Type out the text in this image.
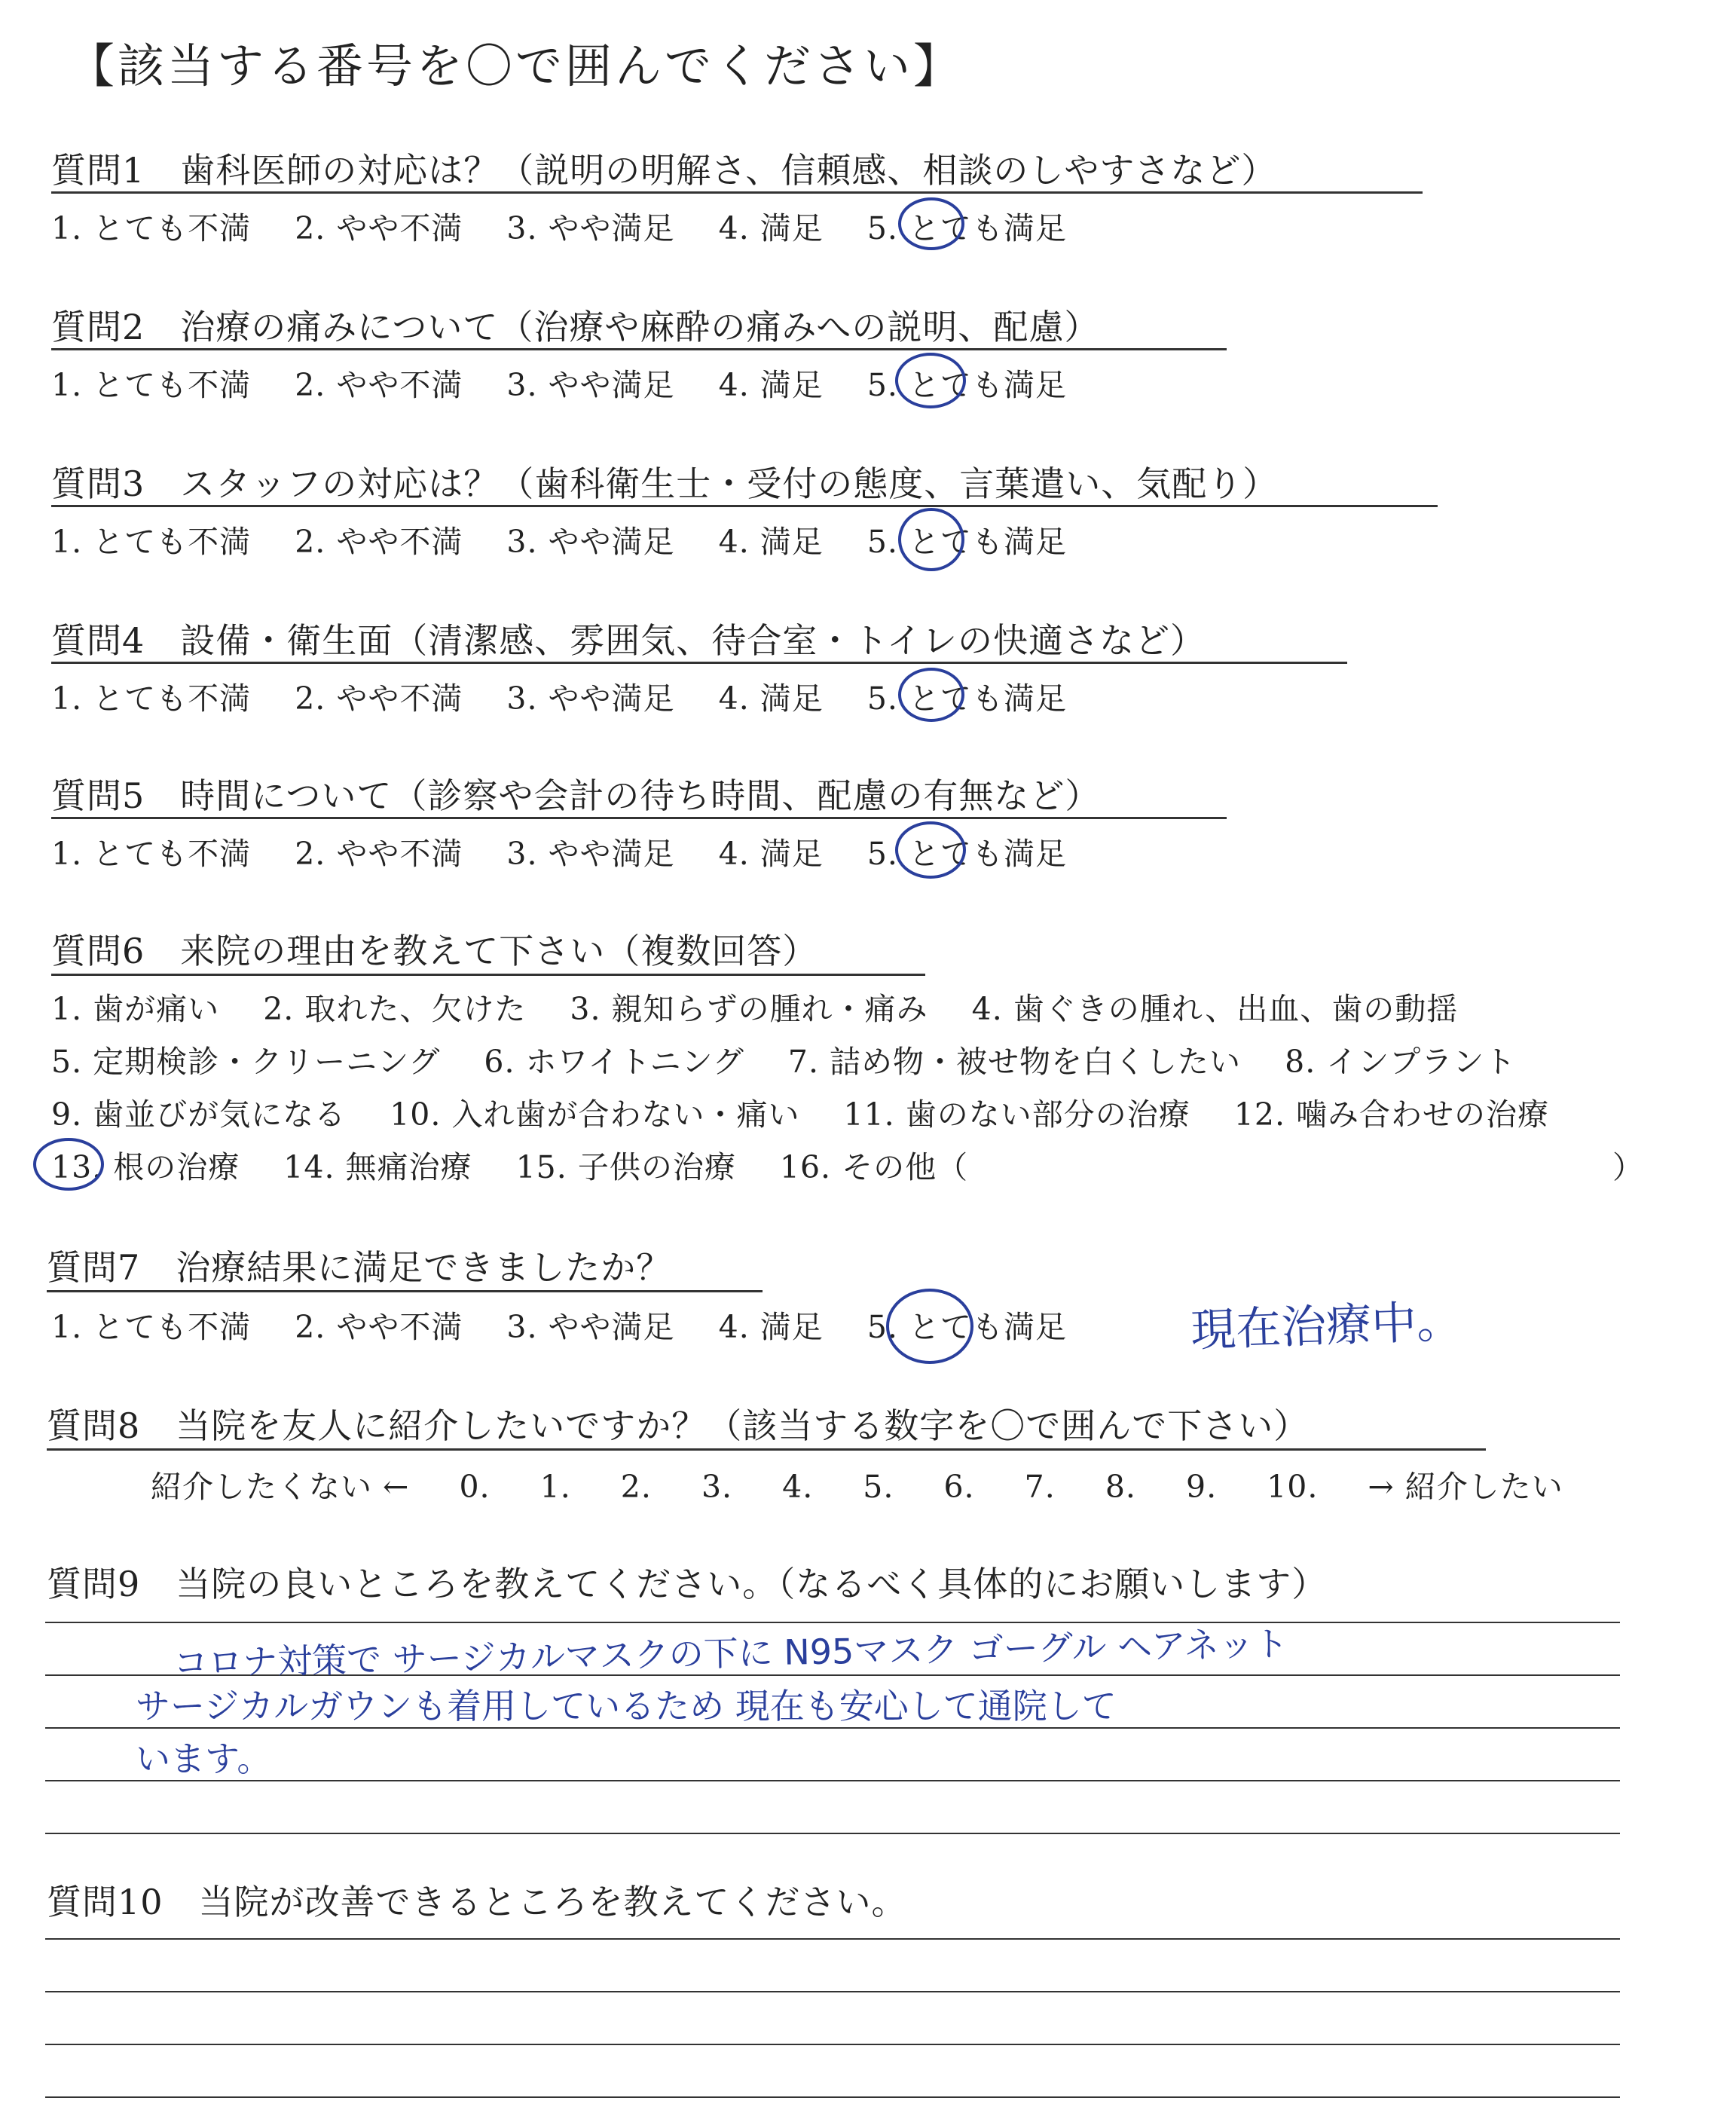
【該当する番号を〇で囲んでください】
質問1　歯科医師の対応は？（説明の明解さ、信頼感、相談のしやすさなど）
1. とても不満 2. やや不満 3. やや満足 4. 満足 5. とても満足
質問2　治療の痛みについて（治療や麻酔の痛みへの説明、配慮）
1. とても不満 2. やや不満 3. やや満足 4. 満足 5. とても満足
質問3　スタッフの対応は？（歯科衛生士・受付の態度、言葉遣い、気配り）
1. とても不満 2. やや不満 3. やや満足 4. 満足 5. とても満足
質問4　設備・衛生面（清潔感、雰囲気、待合室・トイレの快適さなど）
1. とても不満 2. やや不満 3. やや満足 4. 満足 5. とても満足
質問5　時間について（診察や会計の待ち時間、配慮の有無など）
1. とても不満 2. やや不満 3. やや満足 4. 満足 5. とても満足
質問6　来院の理由を教えて下さい（複数回答）
1. 歯が痛い 2. 取れた、欠けた 3. 親知らずの腫れ・痛み 4. 歯ぐきの腫れ、出血、歯の動揺
5. 定期検診・クリーニング 6. ホワイトニング 7. 詰め物・被せ物を白くしたい 8. インプラント
9. 歯並びが気になる 10. 入れ歯が合わない・痛い 11. 歯のない部分の治療 12. 噛み合わせの治療
13. 根の治療 14. 無痛治療 15. 子供の治療 16. その他（	）
質問7　治療結果に満足できましたか？
1. とても不満 2. やや不満 3. やや満足 4. 満足 5. とても満足	現在治療中。
質問8　当院を友人に紹介したいですか？（該当する数字を〇で囲んで下さい）
紹介したくない ← 0. 1. 2. 3. 4. 5. 6. 7. 8. 9. 10. → 紹介したい
質問9　当院の良いところを教えてください。（なるべく具体的にお願いします）
コロナ対策で サージカルマスクの下に N95マスク ゴーグル ヘアネット
サージカルガウンも着用しているため 現在も安心して通院して
います。
質問10　当院が改善できるところを教えてください。
